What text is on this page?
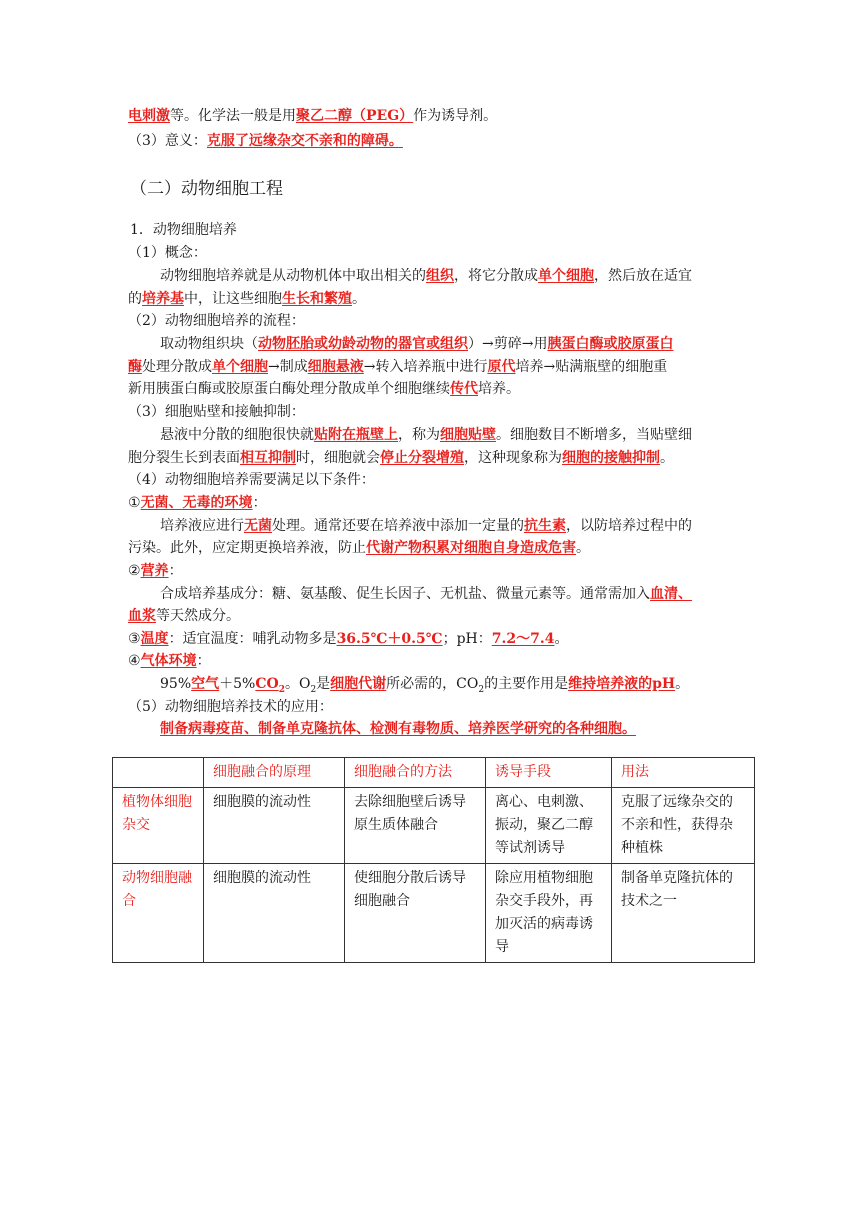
电刺激等。化学法一般是用聚乙二醇（PEG）作为诱导剂。
（3）意义：克服了远缘杂交不亲和的障碍。
（二）动物细胞工程
1．动物细胞培养
（1）概念：
动物细胞培养就是从动物机体中取出相关的组织，将它分散成单个细胞，然后放在适宜
的培养基中，让这些细胞生长和繁殖。
（2）动物细胞培养的流程：
取动物组织块（动物胚胎或幼龄动物的器官或组织）→剪碎→用胰蛋白酶或胶原蛋白
酶处理分散成单个细胞→制成细胞悬液→转入培养瓶中进行原代培养→贴满瓶壁的细胞重
新用胰蛋白酶或胶原蛋白酶处理分散成单个细胞继续传代培养。
（3）细胞贴壁和接触抑制：
悬液中分散的细胞很快就贴附在瓶壁上，称为细胞贴壁。细胞数目不断增多，当贴壁细
胞分裂生长到表面相互抑制时，细胞就会停止分裂增殖，这种现象称为细胞的接触抑制。
（4）动物细胞培养需要满足以下条件：
①无菌、无毒的环境：
培养液应进行无菌处理。通常还要在培养液中添加一定量的抗生素，以防培养过程中的
污染。此外，应定期更换培养液，防止代谢产物积累对细胞自身造成危害。
②营养：
合成培养基成分：糖、氨基酸、促生长因子、无机盐、微量元素等。通常需加入血清、
血浆等天然成分。
③温度：适宜温度：哺乳动物多是36.5℃＋0.5℃；pH：7.2～7.4。
④气体环境：
95%空气$+5\%CO_2$。$O_2$是细胞代谢所必需的，$CO_2$的主要作用是维持培养液的pH。
（5）动物细胞培养技术的应用：
制备病毒疫苗、制备单克隆抗体、检测有毒物质、培养医学研究的各种细胞。
	细胞融合的原理	细胞融合的方法	诱导手段	用法
植物体细胞杂交	细胞膜的流动性	去除细胞壁后诱导原生质体融合	离心、电刺激、振动，聚乙二醇等试剂诱导	克服了远缘杂交的不亲和性，获得杂种植株
动物细胞融合	细胞膜的流动性	使细胞分散后诱导细胞融合	除应用植物细胞杂交手段外，再加灭活的病毒诱导	制备单克隆抗体的技术之一
